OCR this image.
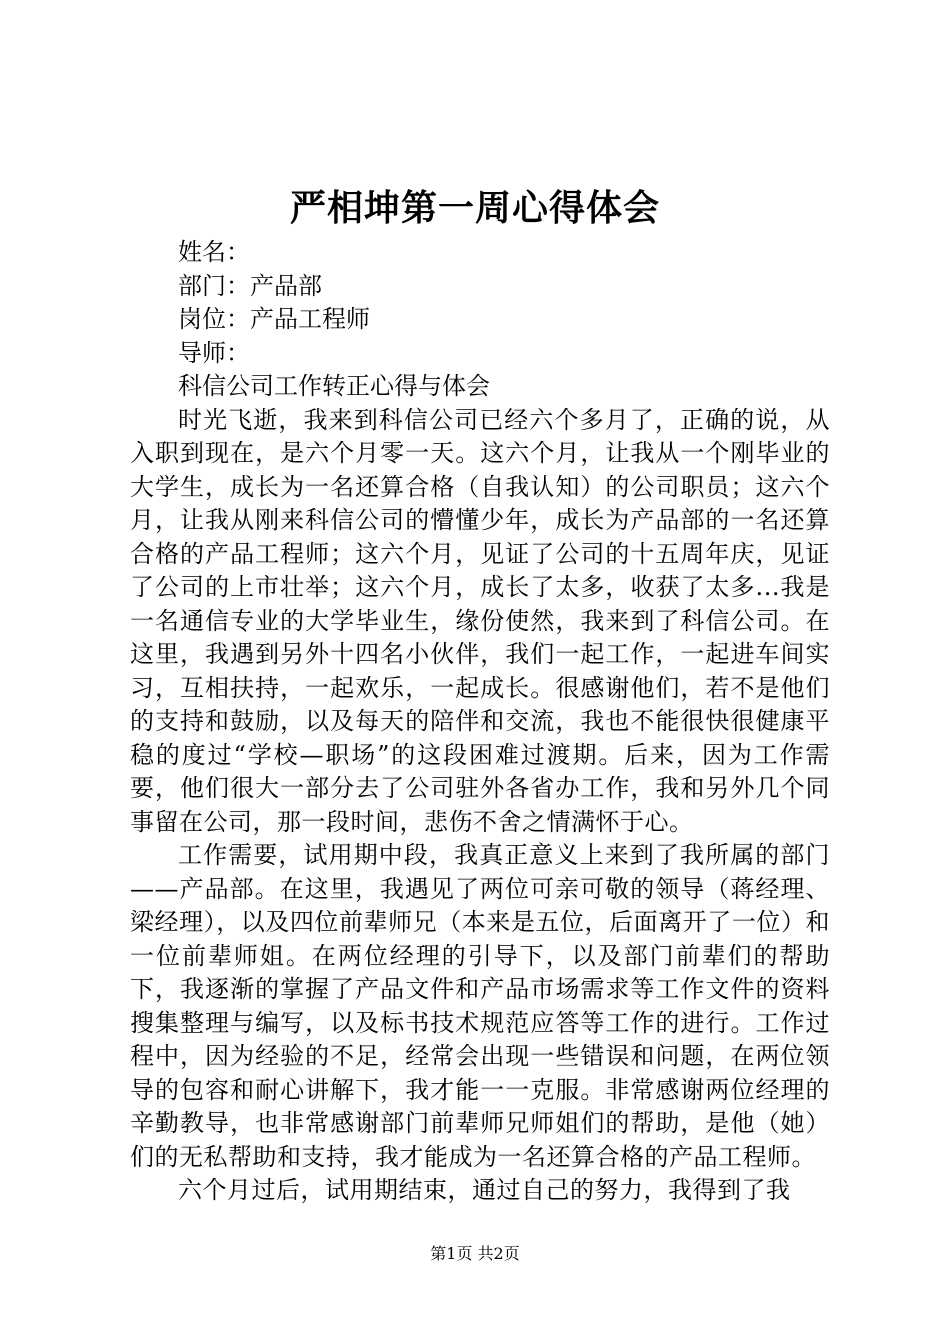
严相坤第一周心得体会

姓名：

部门：产品部

岗位：产品工程师

导师：

科信公司工作转正心得与体会

时光飞逝，我来到科信公司已经六个多月了，正确的说，从入职到现在，是六个月零一天。这六个月，让我从一个刚毕业的大学生，成长为一名还算合格（自我认知）的公司职员；这六个月，让我从刚来科信公司的懵懂少年，成长为产品部的一名还算合格的产品工程师；这六个月，见证了公司的十五周年庆，见证了公司的上市壮举；这六个月，成长了太多，收获了太多...我是一名通信专业的大学毕业生，缘份使然，我来到了科信公司。在这里，我遇到另外十四名小伙伴，我们一起工作，一起进车间实习，互相扶持，一起欢乐，一起成长。很感谢他们，若不是他们的支持和鼓励，以及每天的陪伴和交流，我也不能很快很健康平稳的度过“学校—职场”的这段困难过渡期。后来，因为工作需要，他们很大一部分去了公司驻外各省办工作，我和另外几个同事留在公司，那一段时间，悲伤不舍之情满怀于心。

工作需要，试用期中段，我真正意义上来到了我所属的部门——产品部。在这里，我遇见了两位可亲可敬的领导（蒋经理、梁经理），以及四位前辈师兄（本来是五位，后面离开了一位）和一位前辈师姐。在两位经理的引导下，以及部门前辈们的帮助下，我逐渐的掌握了产品文件和产品市场需求等工作文件的资料搜集整理与编写，以及标书技术规范应答等工作的进行。工作过程中，因为经验的不足，经常会出现一些错误和问题，在两位领导的包容和耐心讲解下，我才能一一克服。非常感谢两位经理的辛勤教导，也非常感谢部门前辈师兄师姐们的帮助，是他（她）们的无私帮助和支持，我才能成为一名还算合格的产品工程师。

六个月过后，试用期结束，通过自己的努力，我得到了我

第1页 共2页
